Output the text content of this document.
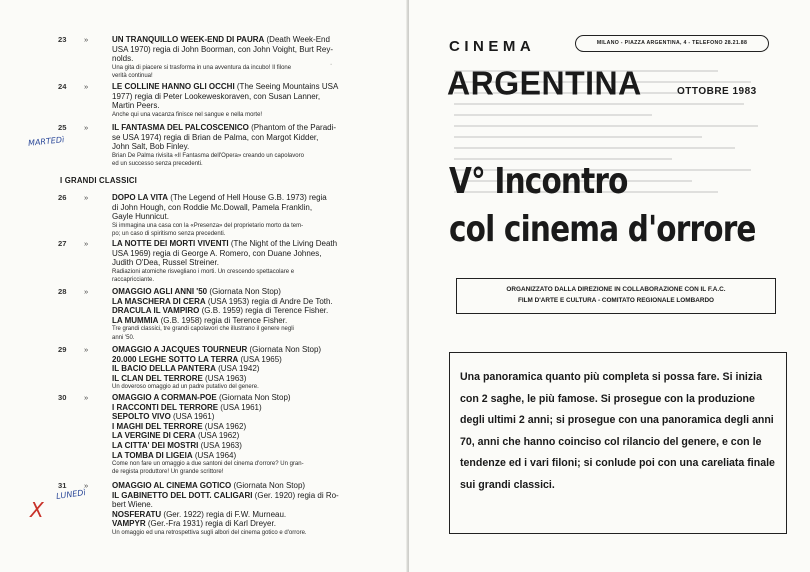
·
23	»	UN TRANQUILLO WEEK-END DI PAURA (Death Week-End
USA 1970) regia di John Boorman, con John Voight, Burt Rey-
nolds.
Una gita di piacere si trasforma in una avventura da incubo! Il filone
verità continua!
24	»	LE COLLINE HANNO GLI OCCHI (The Seeing Mountains USA
1977) regia di Peter Lookeweskoraven, con Susan Lanner,
Martin Peers.
Anche qui una vacanza finisce nel sangue e nella morte!
25	»	IL FANTASMA DEL PALCOSCENICO (Phantom of the Paradi-
se USA 1974) regia di Brian de Palma, con Margot Kidder,
John Salt, Bob Finley.
Brian De Palma rivisita «Il Fantasma dell'Opera» creando un capolavoro
ed un successo senza precedenti.
26	»	DOPO LA VITA (The Legend of Hell House G.B. 1973) regia
di John Hough, con Roddie Mc.Dowall, Pamela Franklin,
Gayle Hunnicut.
Si immagina una casa con la «Presenza» del proprietario morto da tem-
po; un caso di spiritismo senza precedenti.
27	»	LA NOTTE DEI MORTI VIVENTI (The Night of the Living Death
USA 1969) regia di George A. Romero, con Duane Johnes,
Judith O'Dea, Russel Streiner.
Radiazioni atomiche risvegliano i morti. Un crescendo spettacolare e
raccapricciante.
28	»	OMAGGIO AGLI ANNI '50 (Giornata Non Stop)
LA MASCHERA DI CERA (USA 1953) regia di Andre De Toth.
DRACULA IL VAMPIRO (G.B. 1959) regia di Terence Fisher.
LA MUMMIA (G.B. 1958) regia di Terence Fisher.
Tre grandi classici, tre grandi capolavori che illustrano il genere negli
anni '50.
29	»	OMAGGIO A JACQUES TOURNEUR (Giornata Non Stop)
20.000 LEGHE SOTTO LA TERRA (USA 1965)
IL BACIO DELLA PANTERA (USA 1942)
IL CLAN DEL TERRORE (USA 1963)
Un doveroso omaggio ad un padre putativo del genere.
30	»	OMAGGIO A CORMAN-POE (Giornata Non Stop)
I RACCONTI DEL TERRORE (USA 1961)
SEPOLTO VIVO (USA 1961)
I MAGHI DEL TERRORE (USA 1962)
LA VERGINE DI CERA (USA 1962)
LA CITTA' DEI MOSTRI (USA 1963)
LA TOMBA DI LIGEIA (USA 1964)
Come non fare un omaggio a due santoni del cinema d'orrore? Un gran-
de regista produttore! Un grande scrittore!
31	»	OMAGGIO AL CINEMA GOTICO (Giornata Non Stop)
IL GABINETTO DEL DOTT. CALIGARI (Ger. 1920) regia di Ro-
bert Wiene.
NOSFERATU (Ger. 1922) regia di F.W. Murneau.
VAMPYR (Ger.-Fra 1931) regia di Karl Dreyer.
Un omaggio ed una retrospettiva sugli albori del cinema gotico e d'orrore.
I GRANDI CLASSICI
MARTEDì
LUNEDì
X
CINEMA	MILANO - PIAZZA ARGENTINA, 4 - TELEFONO 28.21.88
ARGENTINA	OTTOBRE 1983
V° Incontro
col cinema d'orrore
ORGANIZZATO DALLA DIREZIONE IN COLLABORAZIONE CON IL F.A.C.
FILM D'ARTE E CULTURA - COMITATO REGIONALE LOMBARDO
Una panoramica quanto più completa si possa fare. Si inizia con 2 saghe, le più famose. Si prosegue con la produzione degli ultimi 2 anni; si prosegue con una panoramica degli anni 70, anni che hanno coinciso col rilancio del genere, e con le tendenze ed i vari filoni; si conlude poi con una careliata finale sui grandi classici.
